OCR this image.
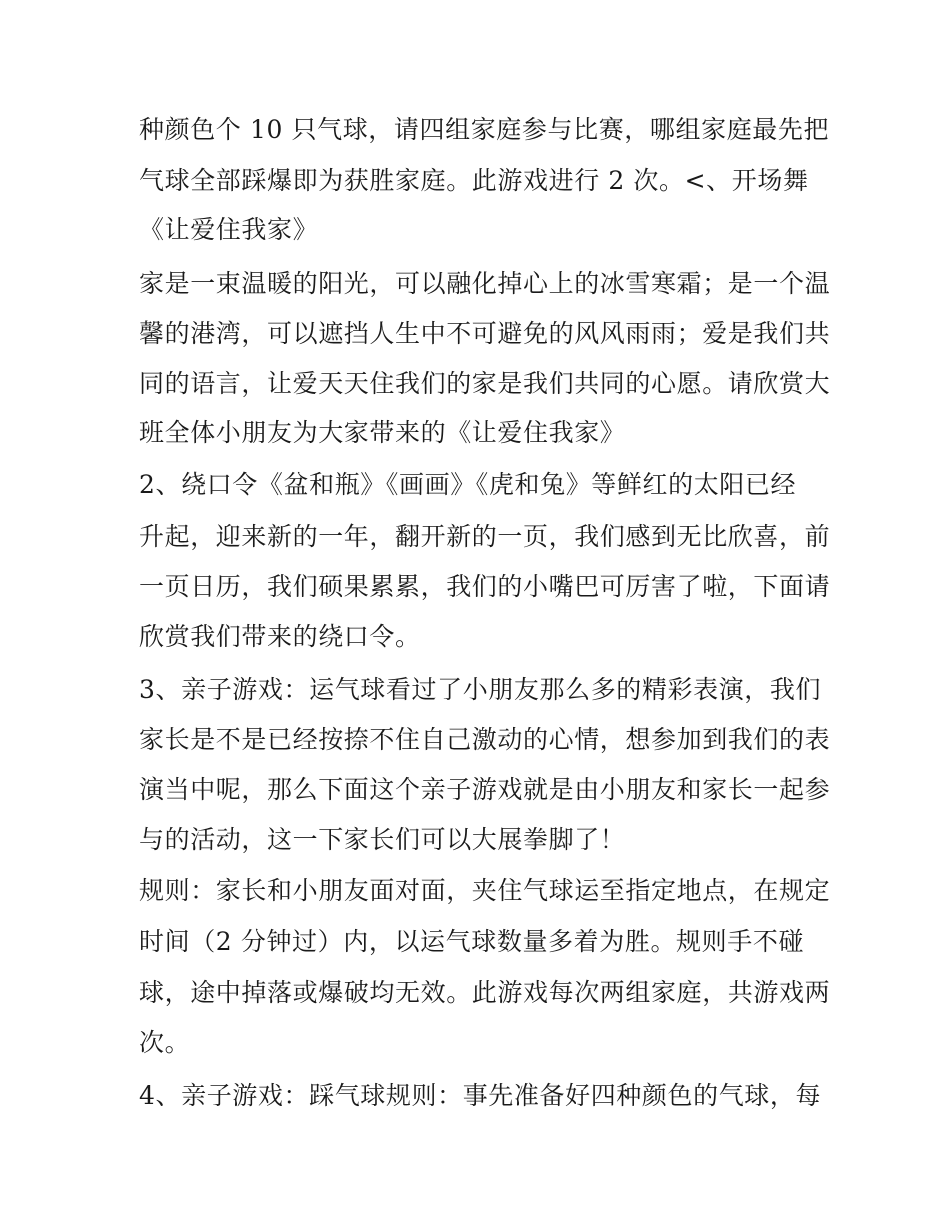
种颜色个 10 只气球，请四组家庭参与比赛，哪组家庭最先把
气球全部踩爆即为获胜家庭。此游戏进行 2 次。<、开场舞
《让爱住我家》
家是一束温暖的阳光，可以融化掉心上的冰雪寒霜；是一个温
馨的港湾，可以遮挡人生中不可避免的风风雨雨；爱是我们共
同的语言，让爱天天住我们的家是我们共同的心愿。请欣赏大
班全体小朋友为大家带来的《让爱住我家》
2、绕口令《盆和瓶》《画画》《虎和兔》等鲜红的太阳已经
升起，迎来新的一年，翻开新的一页，我们感到无比欣喜，前
一页日历，我们硕果累累，我们的小嘴巴可厉害了啦，下面请
欣赏我们带来的绕口令。
3、亲子游戏：运气球看过了小朋友那么多的精彩表演，我们
家长是不是已经按捺不住自己激动的心情，想参加到我们的表
演当中呢，那么下面这个亲子游戏就是由小朋友和家长一起参
与的活动，这一下家长们可以大展拳脚了！
规则：家长和小朋友面对面，夹住气球运至指定地点，在规定
时间（2 分钟过）内，以运气球数量多着为胜。规则手不碰
球，途中掉落或爆破均无效。此游戏每次两组家庭，共游戏两
次。
4、亲子游戏：踩气球规则：事先准备好四种颜色的气球，每
